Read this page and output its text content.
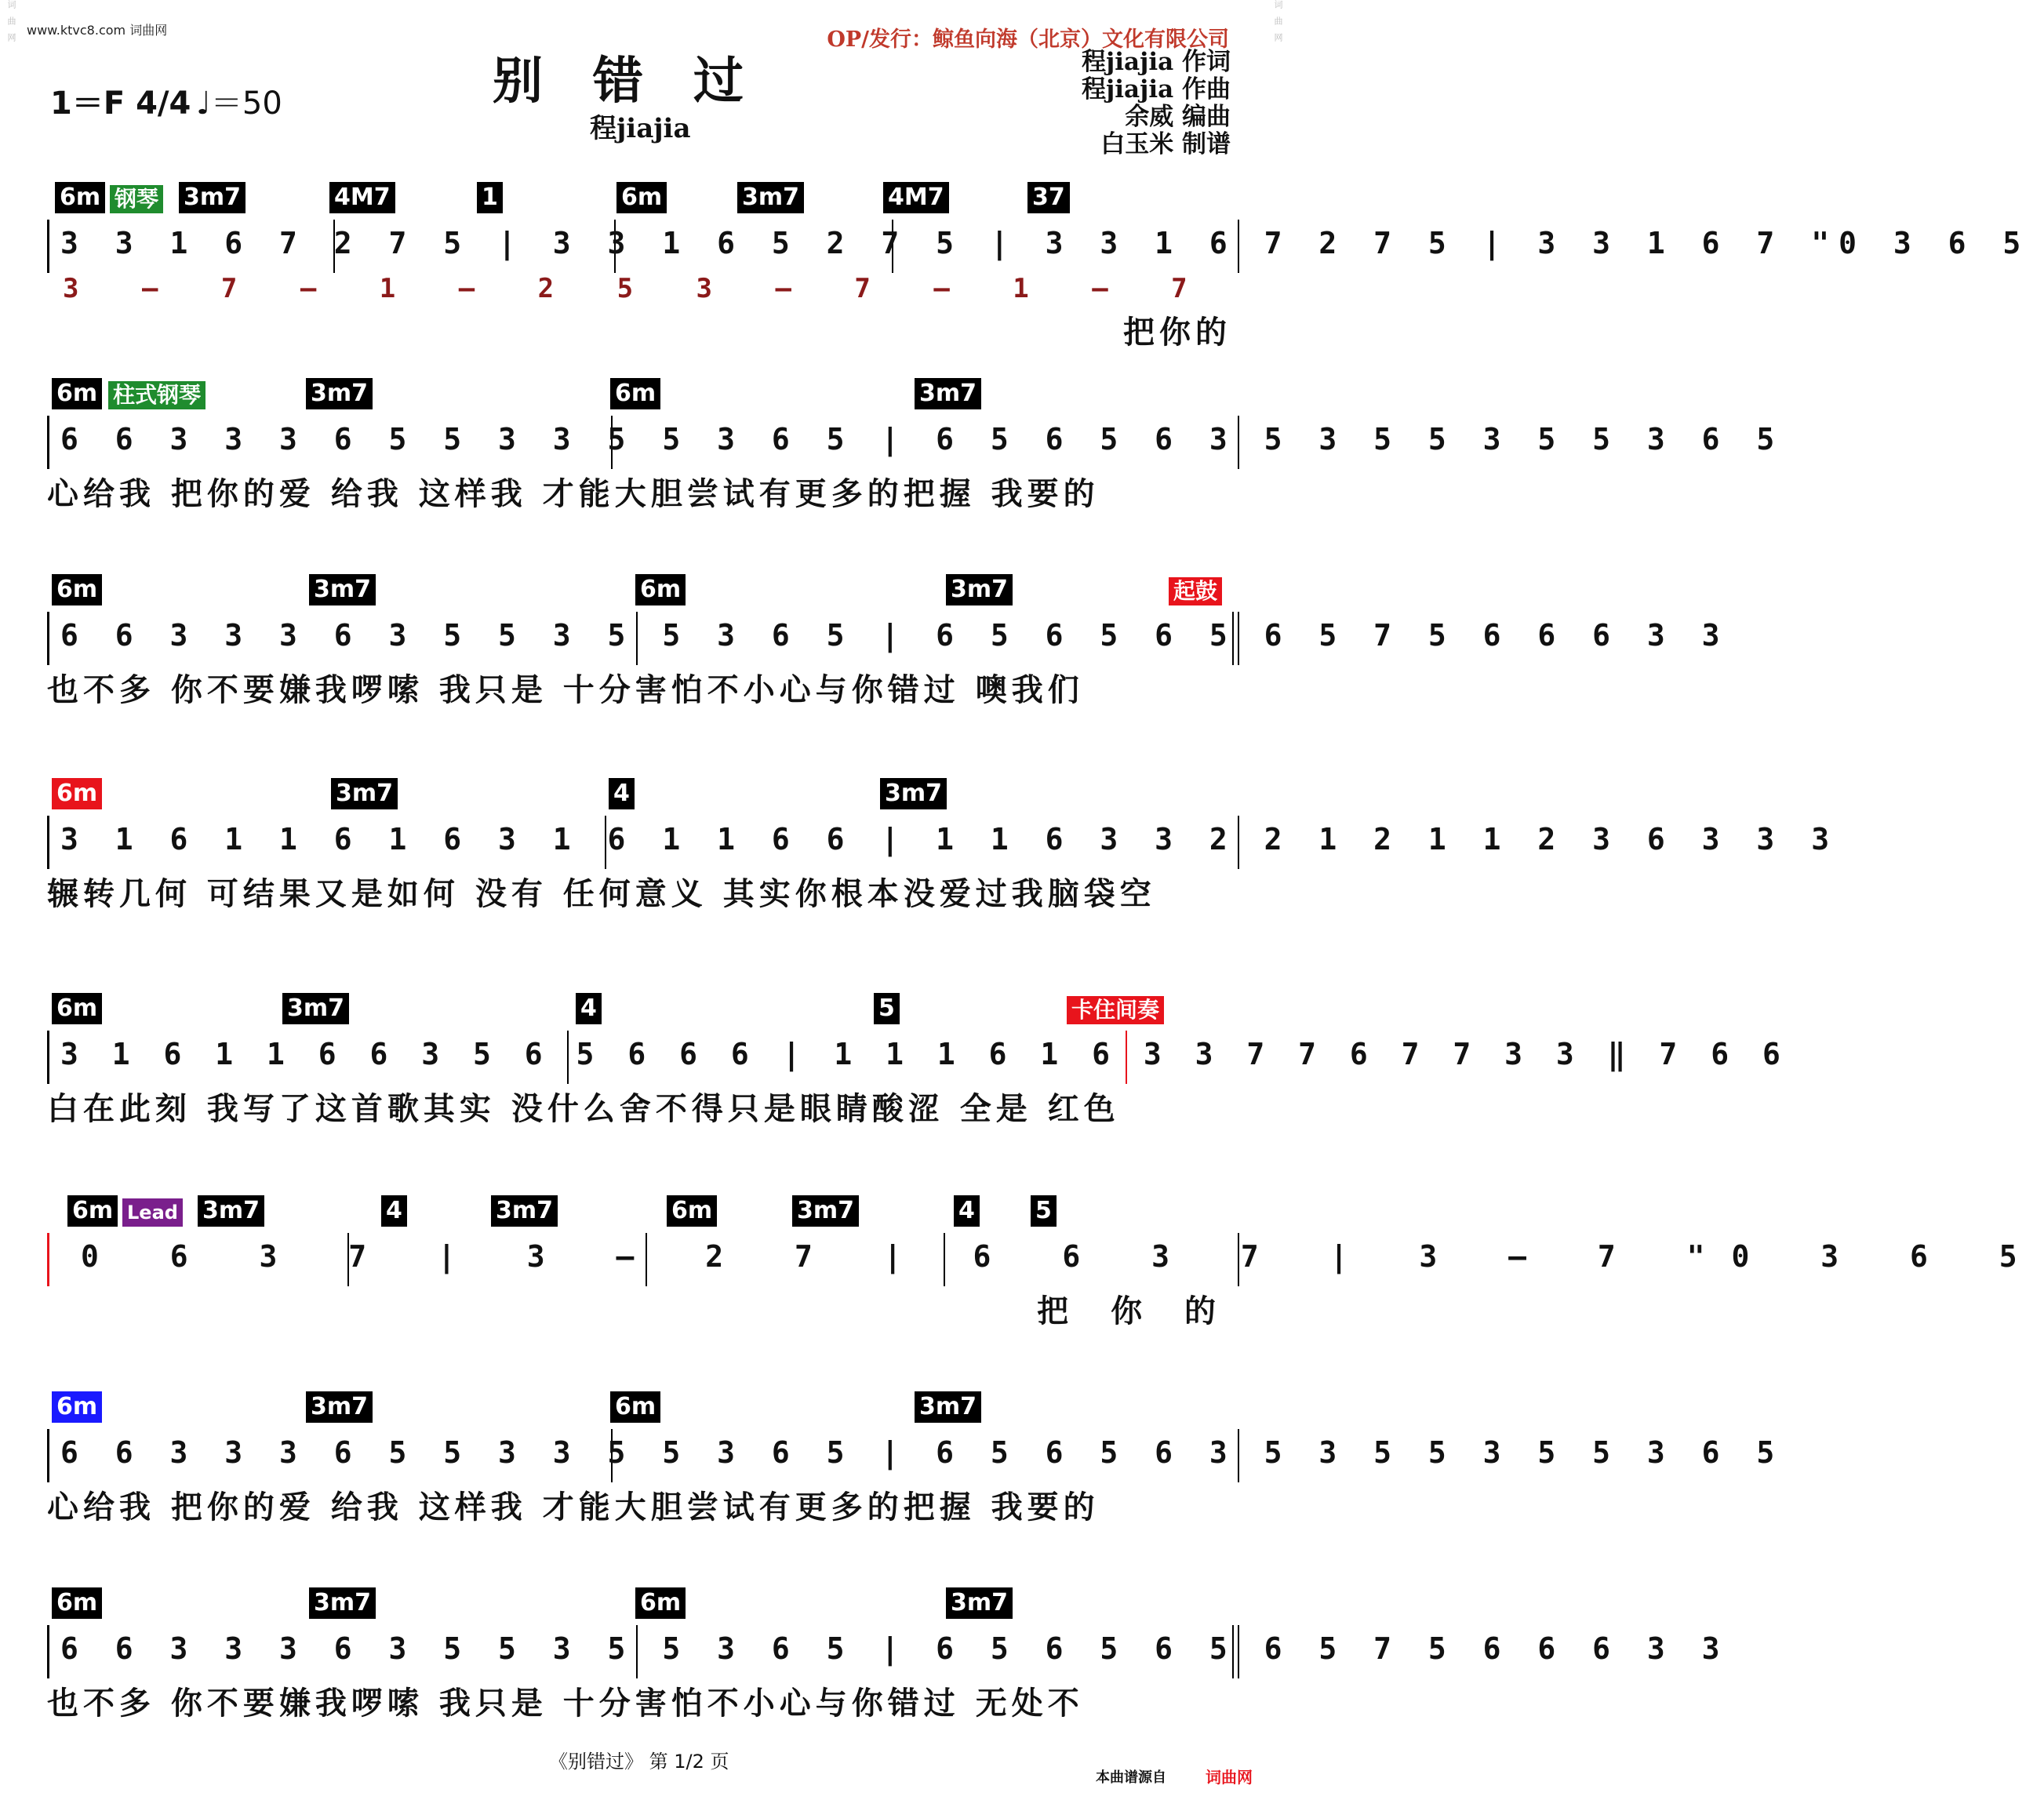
词曲网	词曲网
www.ktvc8.com 词曲网	OP/发行：鲸鱼向海（北京）文化有限公司
别错过
程jiajia
1＝F 4/4 ♩＝50
程jiajia 作词
程jiajia 作曲
余威 编曲
白玉米 制谱
6m 钢琴 3m7	4M7	1	6m	3m7	4M7	37
3 3 1 6 7 2 7 5 | 3 3 1 6 5 2 7 5 | 3 3 1 6 7 2 7 5 | 3 3 1 6 7 "0 3 6 5
3 – 7 – 1 – 2 5 3 – 7 – 1 – 7
把你的
6m 柱式钢琴	3m7	6m	3m7
6 6 3 3 3 6 5 5 3 3 5 5 3 6 5 | 6 5 6 5 6 3 5 3 5 5 3 5 5 3 6 5
心给我 把你的爱 给我 这样我 才能大胆尝试有更多的把握 我要的
6m	3m7	6m	3m7	起鼓
6 6 3 3 3 6 3 5 5 3 5 5 3 6 5 | 6 5 6 5 6 5 6 5 7 5 6 6 6 3 3
也不多 你不要嫌我啰嗦 我只是 十分害怕不小心与你错过 噢我们
6m	3m7	4	3m7
3 1 6 1 1 6 1 6 3 1 6 1 1 6 6 | 1 1 6 3 3 2 2 1 2 1 1 2 3 6 3 3 3
辗转几何 可结果又是如何 没有 任何意义 其实你根本没爱过我脑袋空
6m	3m7	4	5	卡住间奏
3 1 6 1 1 6 6 3 5 6 5 6 6 6 | 1 1 1 6 1 6 3 3 7 7 6 7 7 3 3 ‖ 7 6 6
白在此刻 我写了这首歌其实 没什么舍不得只是眼睛酸涩 全是 红色
6m Lead 3m7	4	3m7	6m	3m7	4	5
0 6 3 7 | 3 – 2 7 | 6 6 3 7 | 3 – 7 "0 3 6 5
把 你 的
6m	3m7	6m	3m7
6 6 3 3 3 6 5 5 3 3 5 5 3 6 5 | 6 5 6 5 6 3 5 3 5 5 3 5 5 3 6 5
心给我 把你的爱 给我 这样我 才能大胆尝试有更多的把握 我要的
6m	3m7	6m	3m7
6 6 3 3 3 6 3 5 5 3 5 5 3 6 5 | 6 5 6 5 6 5 6 5 7 5 6 6 6 3 3
也不多 你不要嫌我啰嗦 我只是 十分害怕不小心与你错过 无处不
《别错过》 第 1/2 页
本曲谱源自	词曲网
